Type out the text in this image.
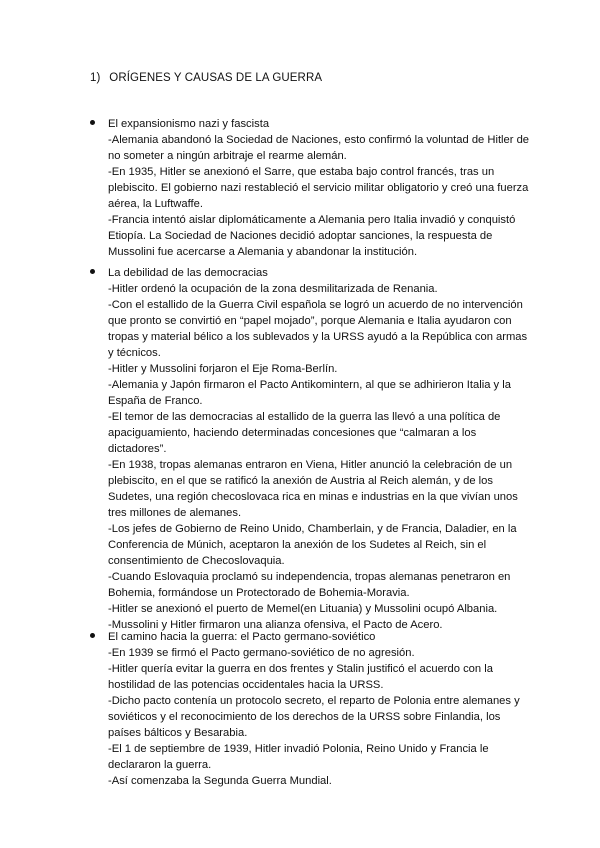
1) ORÍGENES Y CAUSAS DE LA GUERRA
El expansionismo nazi y fascista
-Alemania abandonó la Sociedad de Naciones, esto confirmó la voluntad de Hitler de
no someter a ningún arbitraje el rearme alemán.
-En 1935, Hitler se anexionó el Sarre, que estaba bajo control francés, tras un
plebiscito. El gobierno nazi restableció el servicio militar obligatorio y creó una fuerza
aérea, la Luftwaffe.
-Francia intentó aislar diplomáticamente a Alemania pero Italia invadió y conquistó
Etiopía. La Sociedad de Naciones decidió adoptar sanciones, la respuesta de
Mussolini fue acercarse a Alemania y abandonar la institución.
La debilidad de las democracias
-Hitler ordenó la ocupación de la zona desmilitarizada de Renania.
-Con el estallido de la Guerra Civil española se logró un acuerdo de no intervención
que pronto se convirtió en “papel mojado”, porque Alemania e Italia ayudaron con
tropas y material bélico a los sublevados y la URSS ayudó a la República con armas
y técnicos.
-Hitler y Mussolini forjaron el Eje Roma-Berlín.
-Alemania y Japón firmaron el Pacto Antikomintern, al que se adhirieron Italia y la
España de Franco.
-El temor de las democracias al estallido de la guerra las llevó a una política de
apaciguamiento, haciendo determinadas concesiones que “calmaran a los
dictadores”.
-En 1938, tropas alemanas entraron en Viena, Hitler anunció la celebración de un
plebiscito, en el que se ratificó la anexión de Austria al Reich alemán, y de los
Sudetes, una región checoslovaca rica en minas e industrias en la que vivían unos
tres millones de alemanes.
-Los jefes de Gobierno de Reino Unido, Chamberlain, y de Francia, Daladier, en la
Conferencia de Múnich, aceptaron la anexión de los Sudetes al Reich, sin el
consentimiento de Checoslovaquia.
-Cuando Eslovaquia proclamó su independencia, tropas alemanas penetraron en
Bohemia, formándose un Protectorado de Bohemia-Moravia.
-Hitler se anexionó el puerto de Memel(en Lituania) y Mussolini ocupó Albania.
-Mussolini y Hitler firmaron una alianza ofensiva, el Pacto de Acero.
El camino hacia la guerra: el Pacto germano-soviético
-En 1939 se firmó el Pacto germano-soviético de no agresión.
-Hitler quería evitar la guerra en dos frentes y Stalin justificó el acuerdo con la
hostilidad de las potencias occidentales hacia la URSS.
-Dicho pacto contenía un protocolo secreto, el reparto de Polonia entre alemanes y
soviéticos y el reconocimiento de los derechos de la URSS sobre Finlandia, los
países bálticos y Besarabia.
-El 1 de septiembre de 1939, Hitler invadió Polonia, Reino Unido y Francia le
declararon la guerra.
-Así comenzaba la Segunda Guerra Mundial.
